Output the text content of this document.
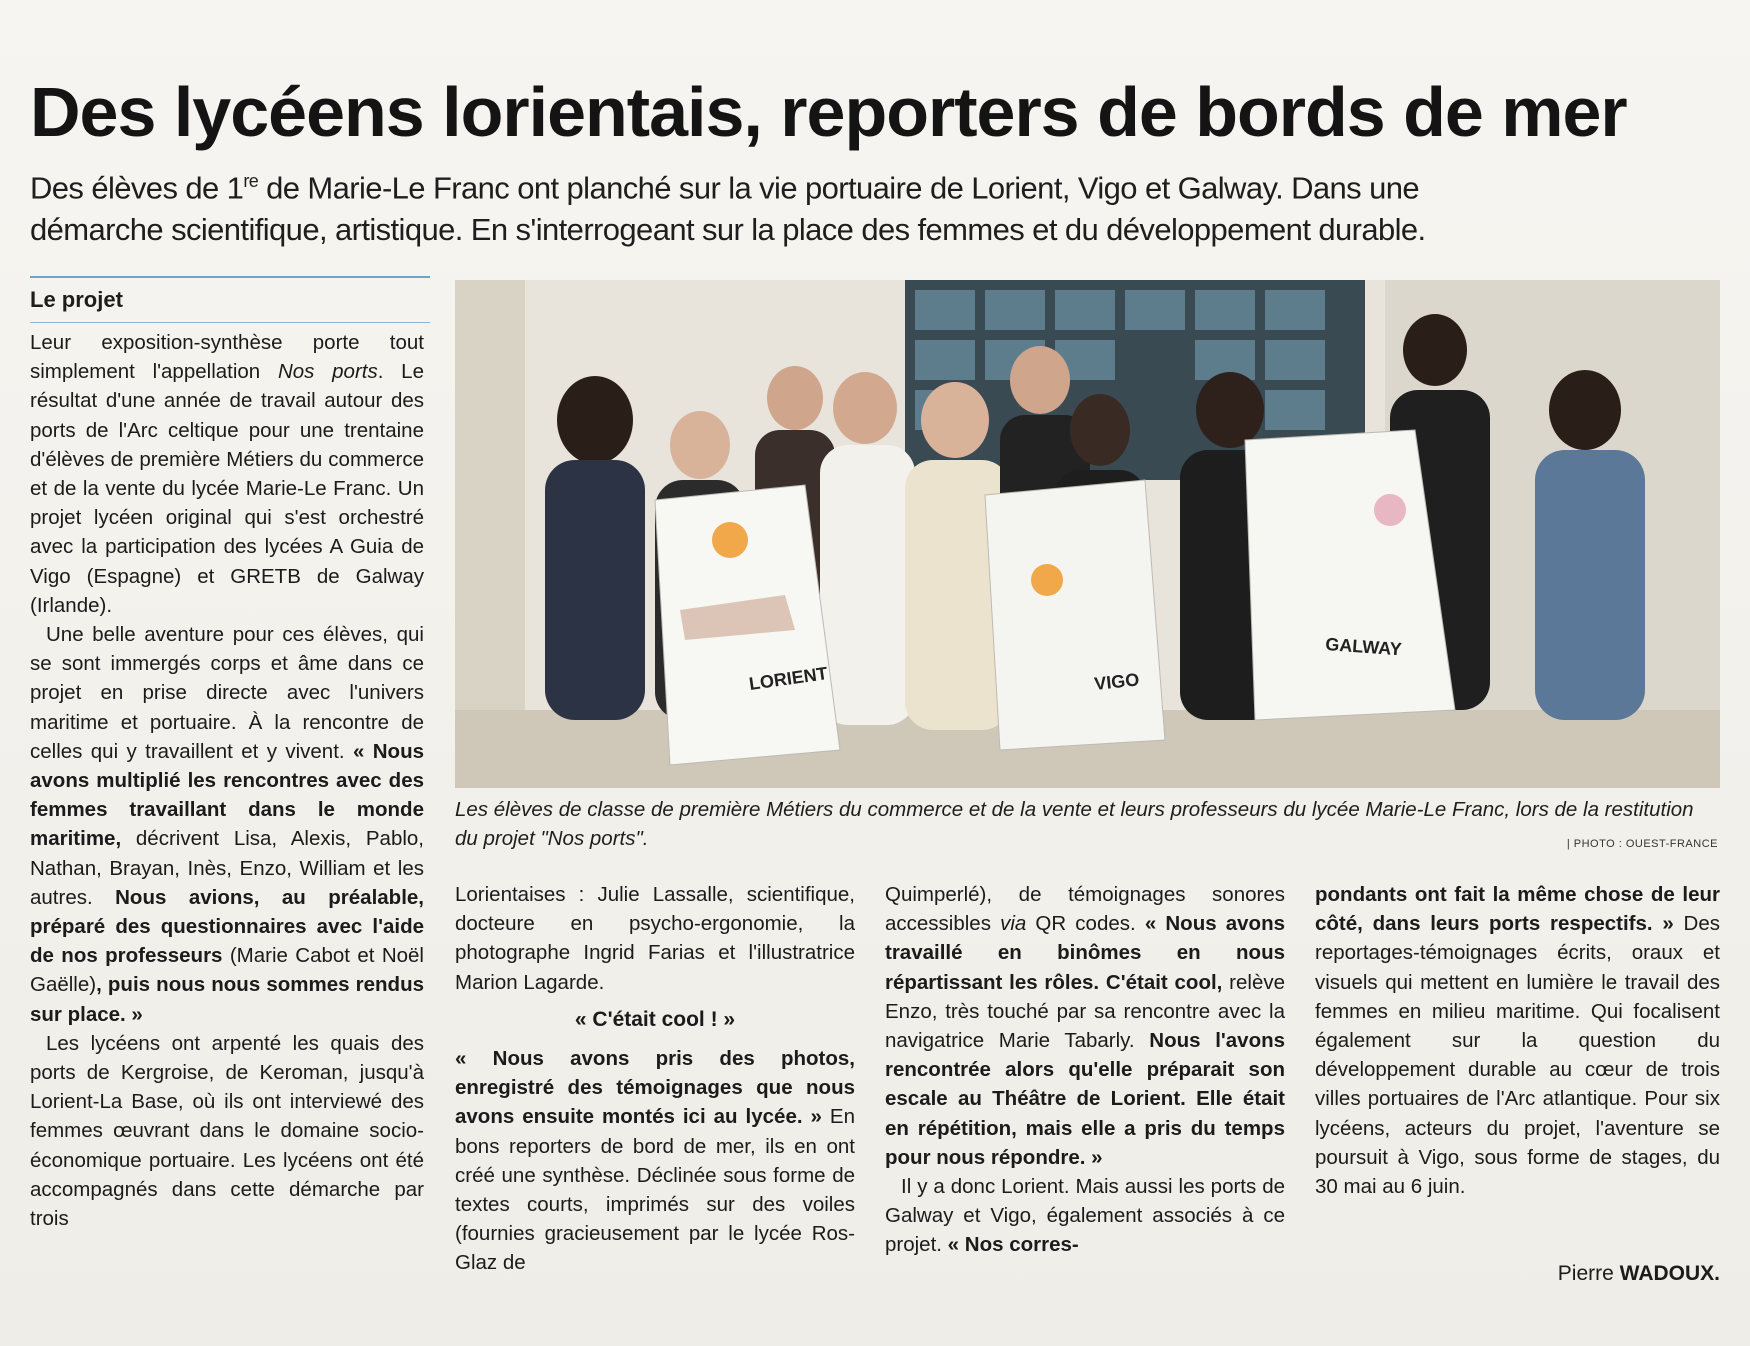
Des lycéens lorientais, reporters de bords de mer

Des élèves de 1re de Marie-Le Franc ont planché sur la vie portuaire de Lorient, Vigo et Galway. Dans une démarche scientifique, artistique. En s'interrogeant sur la place des femmes et du développement durable.

Le projet

Leur exposition-synthèse porte tout simplement l'appellation Nos ports. Le résultat d'une année de travail autour des ports de l'Arc celtique pour une trentaine d'élèves de première Métiers du commerce et de la vente du lycée Marie-Le Franc. Un projet lycéen original qui s'est orchestré avec la participation des lycées A Guia de Vigo (Espagne) et GRETB de Galway (Irlande).

Une belle aventure pour ces élèves, qui se sont immergés corps et âme dans ce projet en prise directe avec l'univers maritime et portuaire. À la rencontre de celles qui y travaillent et y vivent. « Nous avons multiplié les rencontres avec des femmes travaillant dans le monde maritime, décrivent Lisa, Alexis, Pablo, Nathan, Brayan, Inès, Enzo, William et les autres. Nous avions, au préalable, préparé des questionnaires avec l'aide de nos professeurs (Marie Cabot et Noël Gaëlle), puis nous nous sommes rendus sur place. »

Les lycéens ont arpenté les quais des ports de Kergroise, de Keroman, jusqu'à Lorient-La Base, où ils ont interviewé des femmes œuvrant dans le domaine socio-économique portuaire. Les lycéens ont été accompagnés dans cette démarche par trois

LORIENT	VIGO
GALWAY

Les élèves de classe de première Métiers du commerce et de la vente et leurs professeurs du lycée Marie-Le Franc, lors de la restitution du projet "Nos ports".	| PHOTO : OUEST-FRANCE

Lorientaises : Julie Lassalle, scientifique, docteure en psycho-ergonomie, la photographe Ingrid Farias et l'illustratrice Marion Lagarde.

« C'était cool ! »

« Nous avons pris des photos, enregistré des témoignages que nous avons ensuite montés ici au lycée. » En bons reporters de bord de mer, ils en ont créé une synthèse. Déclinée sous forme de textes courts, imprimés sur des voiles (fournies gracieusement par le lycée Ros-Glaz de

Quimperlé), de témoignages sonores accessibles via QR codes. « Nous avons travaillé en binômes en nous répartissant les rôles. C'était cool, relève Enzo, très touché par sa rencontre avec la navigatrice Marie Tabarly. Nous l'avons rencontrée alors qu'elle préparait son escale au Théâtre de Lorient. Elle était en répétition, mais elle a pris du temps pour nous répondre. »

Il y a donc Lorient. Mais aussi les ports de Galway et Vigo, également associés à ce projet. « Nos corres-

pondants ont fait la même chose de leur côté, dans leurs ports respectifs. » Des reportages-témoignages écrits, oraux et visuels qui mettent en lumière le travail des femmes en milieu maritime. Qui focalisent également sur la question du développement durable au cœur de trois villes portuaires de l'Arc atlantique. Pour six lycéens, acteurs du projet, l'aventure se poursuit à Vigo, sous forme de stages, du 30 mai au 6 juin.

Pierre WADOUX.
